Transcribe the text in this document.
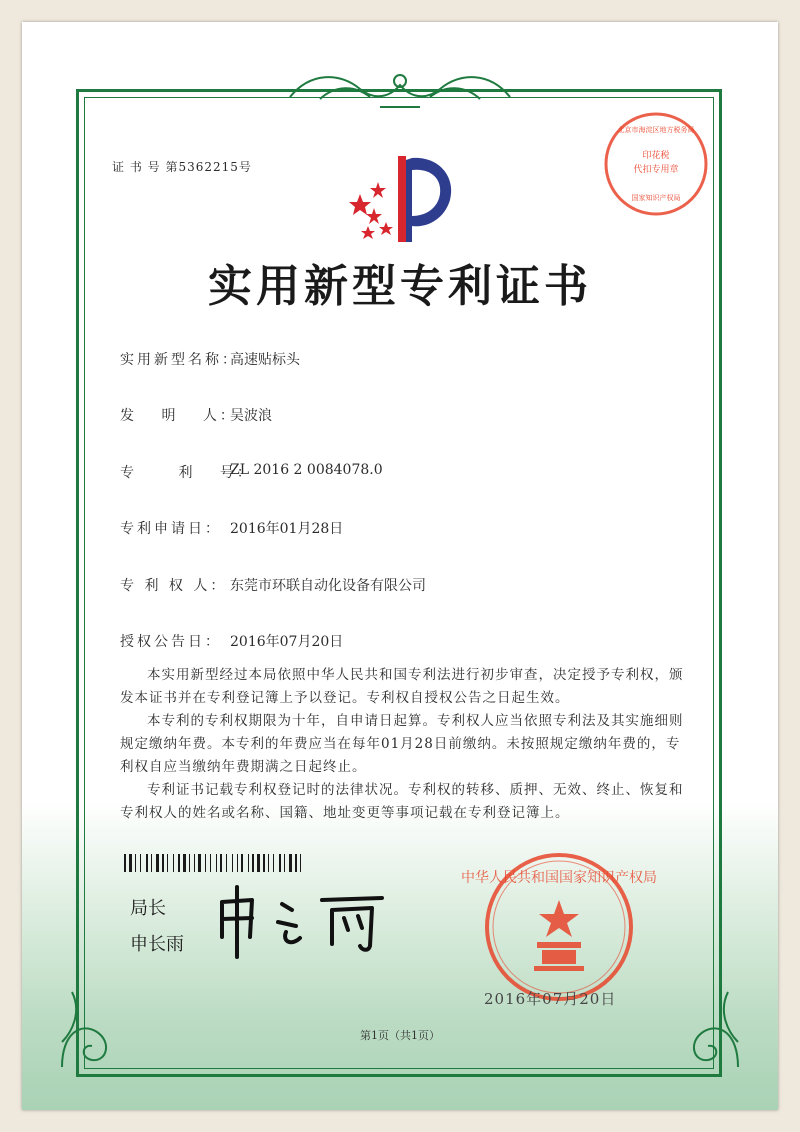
证 书 号 第5362215号
实用新型专利证书
实用新型名称：
高速贴标头
发　 明　 人：
吴波浪
专　　 利　 号：
ZL 2016 2 0084078.0
专利申请日： 2016年01月28日
专 利 权 人： 东莞市环联自动化设备有限公司
授权公告日： 2016年07月20日

本实用新型经过本局依照中华人民共和国专利法进行初步审查，决定授予专利权，颁发本证书并在专利登记簿上予以登记。专利权自授权公告之日起生效。

本专利的专利权期限为十年，自申请日起算。专利权人应当依照专利法及其实施细则规定缴纳年费。本专利的年费应当在每年01月28日前缴纳。未按照规定缴纳年费的，专利权自应当缴纳年费期满之日起终止。

专利证书记载专利权登记时的法律状况。专利权的转移、质押、无效、终止、恢复和专利权人的姓名或名称、国籍、地址变更等事项记载在专利登记簿上。

局长
申长雨
中华人民共和国国家知识产权局
印花税
代扣专用章
北京市海淀区地方税务局
国家知识产权局
2016年07月20日
第1页（共1页）
